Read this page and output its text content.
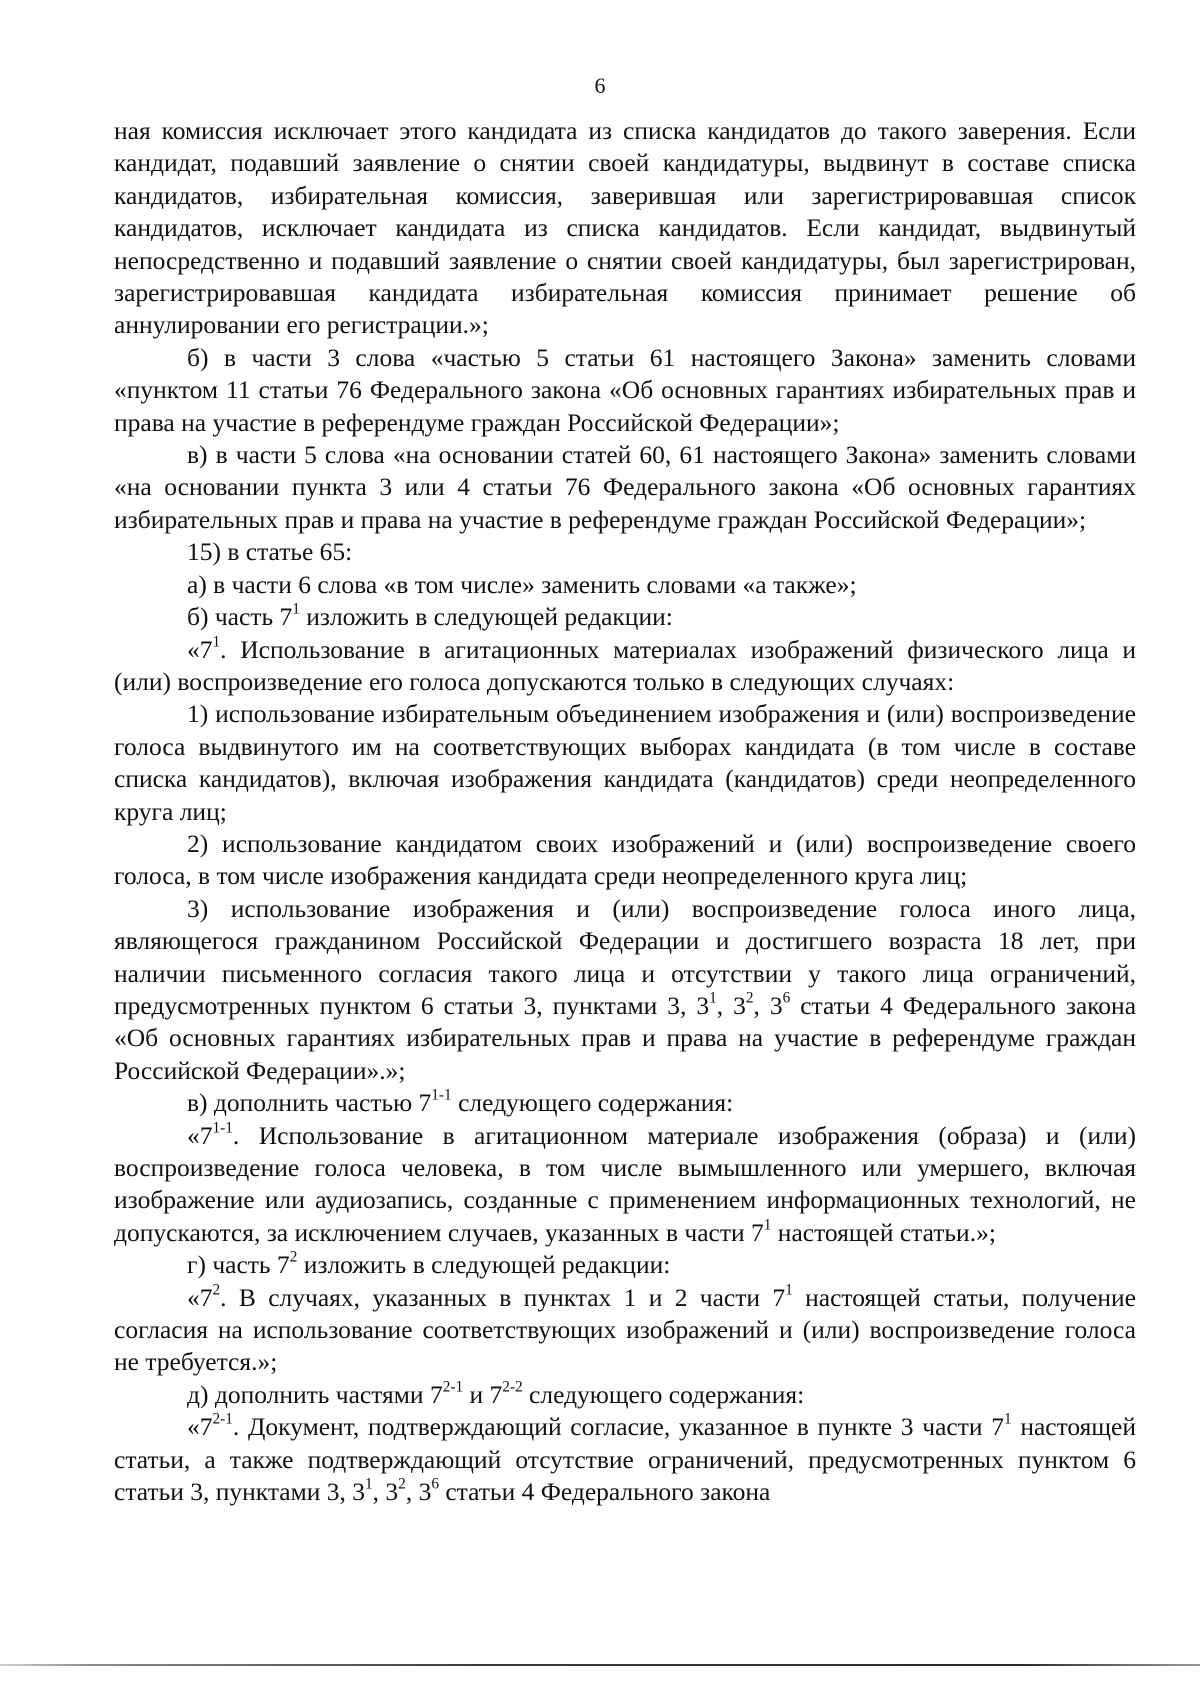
6

ная комиссия исключает этого кандидата из списка кандидатов до такого заверения. Если кандидат, подавший заявление о снятии своей кандидатуры, выдвинут в составе списка кандидатов, избирательная комиссия, заверившая или зарегистрировавшая список кандидатов, исключает кандидата из списка кандидатов. Если кандидат, выдвинутый непосредственно и подавший заявление о снятии своей кандидатуры, был зарегистрирован, зарегистрировавшая кандидата избирательная комиссия принимает решение об аннулировании его регистрации.»;

б) в части 3 слова «частью 5 статьи 61 настоящего Закона» заменить словами «пунктом 11 статьи 76 Федерального закона «Об основных гарантиях избирательных прав и права на участие в референдуме граждан Российской Федерации»;

в) в части 5 слова «на основании статей 60, 61 настоящего Закона» заменить словами «на основании пункта 3 или 4 статьи 76 Федерального закона «Об основных гарантиях избирательных прав и права на участие в референдуме граждан Российской Федерации»;

15) в статье 65:

а) в части 6 слова «в том числе» заменить словами «а также»;

б) часть $7^1$ изложить в следующей редакции:

«$7^1$. Использование в агитационных материалах изображений физического лица и (или) воспроизведение его голоса допускаются только в следующих случаях:

1) использование избирательным объединением изображения и (или) воспроизведение голоса выдвинутого им на соответствующих выборах кандидата (в том числе в составе списка кандидатов), включая изображения кандидата (кандидатов) среди неопределенного круга лиц;

2) использование кандидатом своих изображений и (или) воспроизведение своего голоса, в том числе изображения кандидата среди неопределенного круга лиц;

3) использование изображения и (или) воспроизведение голоса иного лица, являющегося гражданином Российской Федерации и достигшего возраста 18 лет, при наличии письменного согласия такого лица и отсутствии у такого лица ограничений, предусмотренных пунктом 6 статьи 3, пунктами 3, $3^1$, $3^2$, $3^6$ статьи 4 Федерального закона «Об основных гарантиях избирательных прав и права на участие в референдуме граждан Российской Федерации».»;

в) дополнить частью 7$^{1-1}$ следующего содержания:

«7$^{1-1}$. Использование в агитационном материале изображения (образа) и (или) воспроизведение голоса человека, в том числе вымышленного или умершего, включая изображение или аудиозапись, созданные с применением информационных технологий, не допускаются, за исключением случаев, указанных в части $7^1$ настоящей статьи.»;

г) часть $7^2$ изложить в следующей редакции:

«$7^2$. В случаях, указанных в пунктах 1 и 2 части $7^1$ настоящей статьи, получение согласия на использование соответствующих изображений и (или) воспроизведение голоса не требуется.»;

д) дополнить частями 7$^{2-1}$ и 7$^{2-2}$ следующего содержания:

«7$^{2-1}$. Документ, подтверждающий согласие, указанное в пункте 3 части $7^1$ настоящей статьи, а также подтверждающий отсутствие ограничений, предусмотренных пунктом 6 статьи 3, пунктами 3, $3^1$, $3^2$, $3^6$ статьи 4 Федерального закона
